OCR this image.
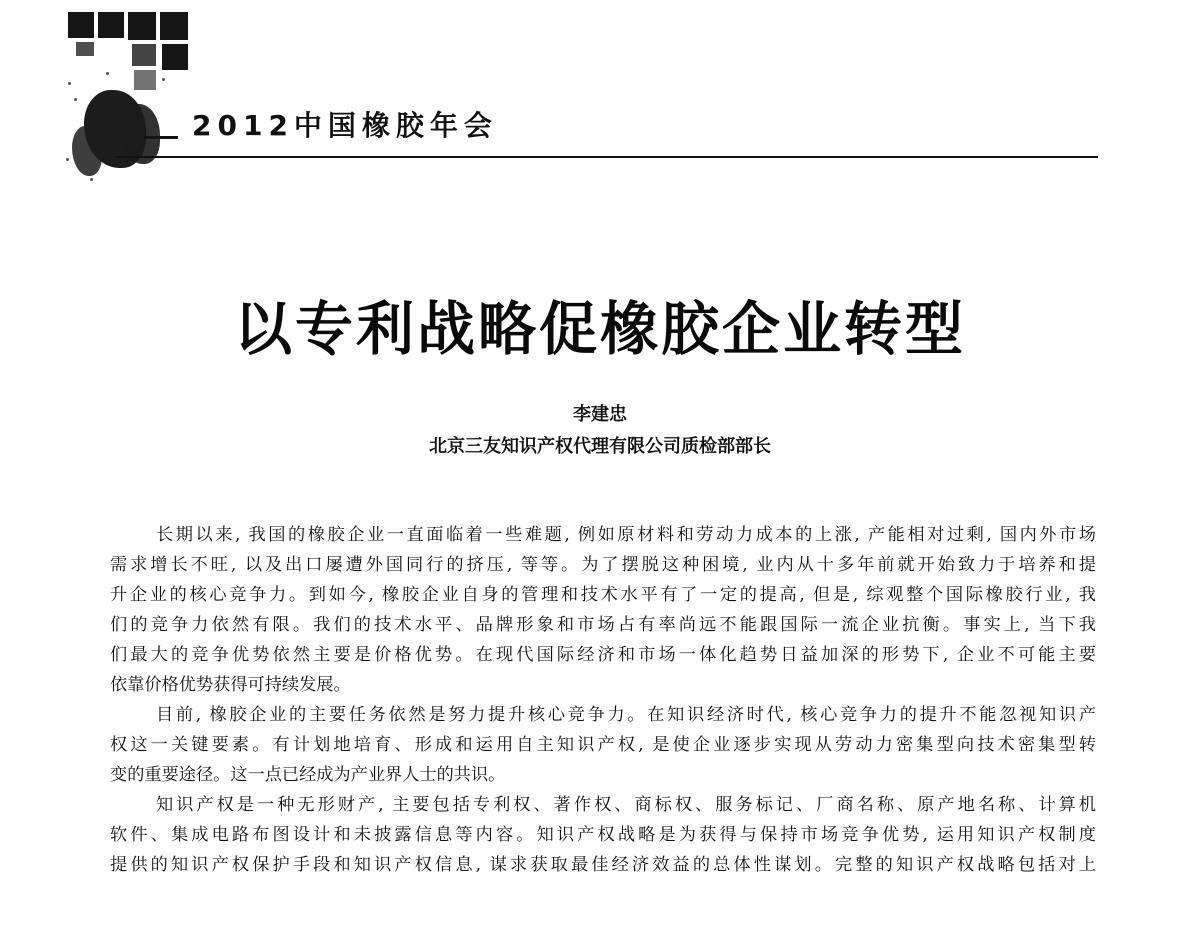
2012中国橡胶年会
以专利战略促橡胶企业转型
李建忠
北京三友知识产权代理有限公司质检部部长
长期以来, 我国的橡胶企业一直面临着一些难题, 例如原材料和劳动力成本的上涨, 产能相对过剩, 国内外市场
需求增长不旺, 以及出口屡遭外国同行的挤压, 等等。为了摆脱这种困境, 业内从十多年前就开始致力于培养和提
升企业的核心竞争力。到如今, 橡胶企业自身的管理和技术水平有了一定的提高, 但是, 综观整个国际橡胶行业, 我
们的竞争力依然有限。我们的技术水平、品牌形象和市场占有率尚远不能跟国际一流企业抗衡。事实上, 当下我
们最大的竞争优势依然主要是价格优势。在现代国际经济和市场一体化趋势日益加深的形势下, 企业不可能主要
依靠价格优势获得可持续发展。
目前, 橡胶企业的主要任务依然是努力提升核心竞争力。在知识经济时代, 核心竞争力的提升不能忽视知识产
权这一关键要素。有计划地培育、形成和运用自主知识产权, 是使企业逐步实现从劳动力密集型向技术密集型转
变的重要途径。这一点已经成为产业界人士的共识。
知识产权是一种无形财产, 主要包括专利权、著作权、商标权、服务标记、厂商名称、原产地名称、计算机
软件、集成电路布图设计和未披露信息等内容。知识产权战略是为获得与保持市场竞争优势, 运用知识产权制度
提供的知识产权保护手段和知识产权信息, 谋求获取最佳经济效益的总体性谋划。完整的知识产权战略包括对上
